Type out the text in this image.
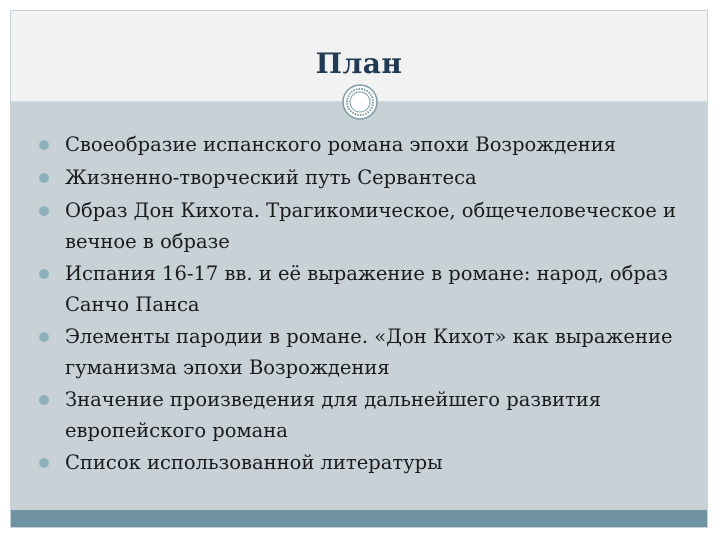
План
Своеобразие испанского романа эпохи Возрождения
Жизненно-творческий путь Сервантеса
Образ Дон Кихота. Трагикомическое, общечеловеческое и вечное в образе
Испания 16-17 вв. и её выражение в романе: народ, образ Санчо Панса
Элементы пародии в романе. «Дон Кихот» как выражение гуманизма эпохи Возрождения
Значение произведения для дальнейшего развития европейского романа
Список использованной литературы
